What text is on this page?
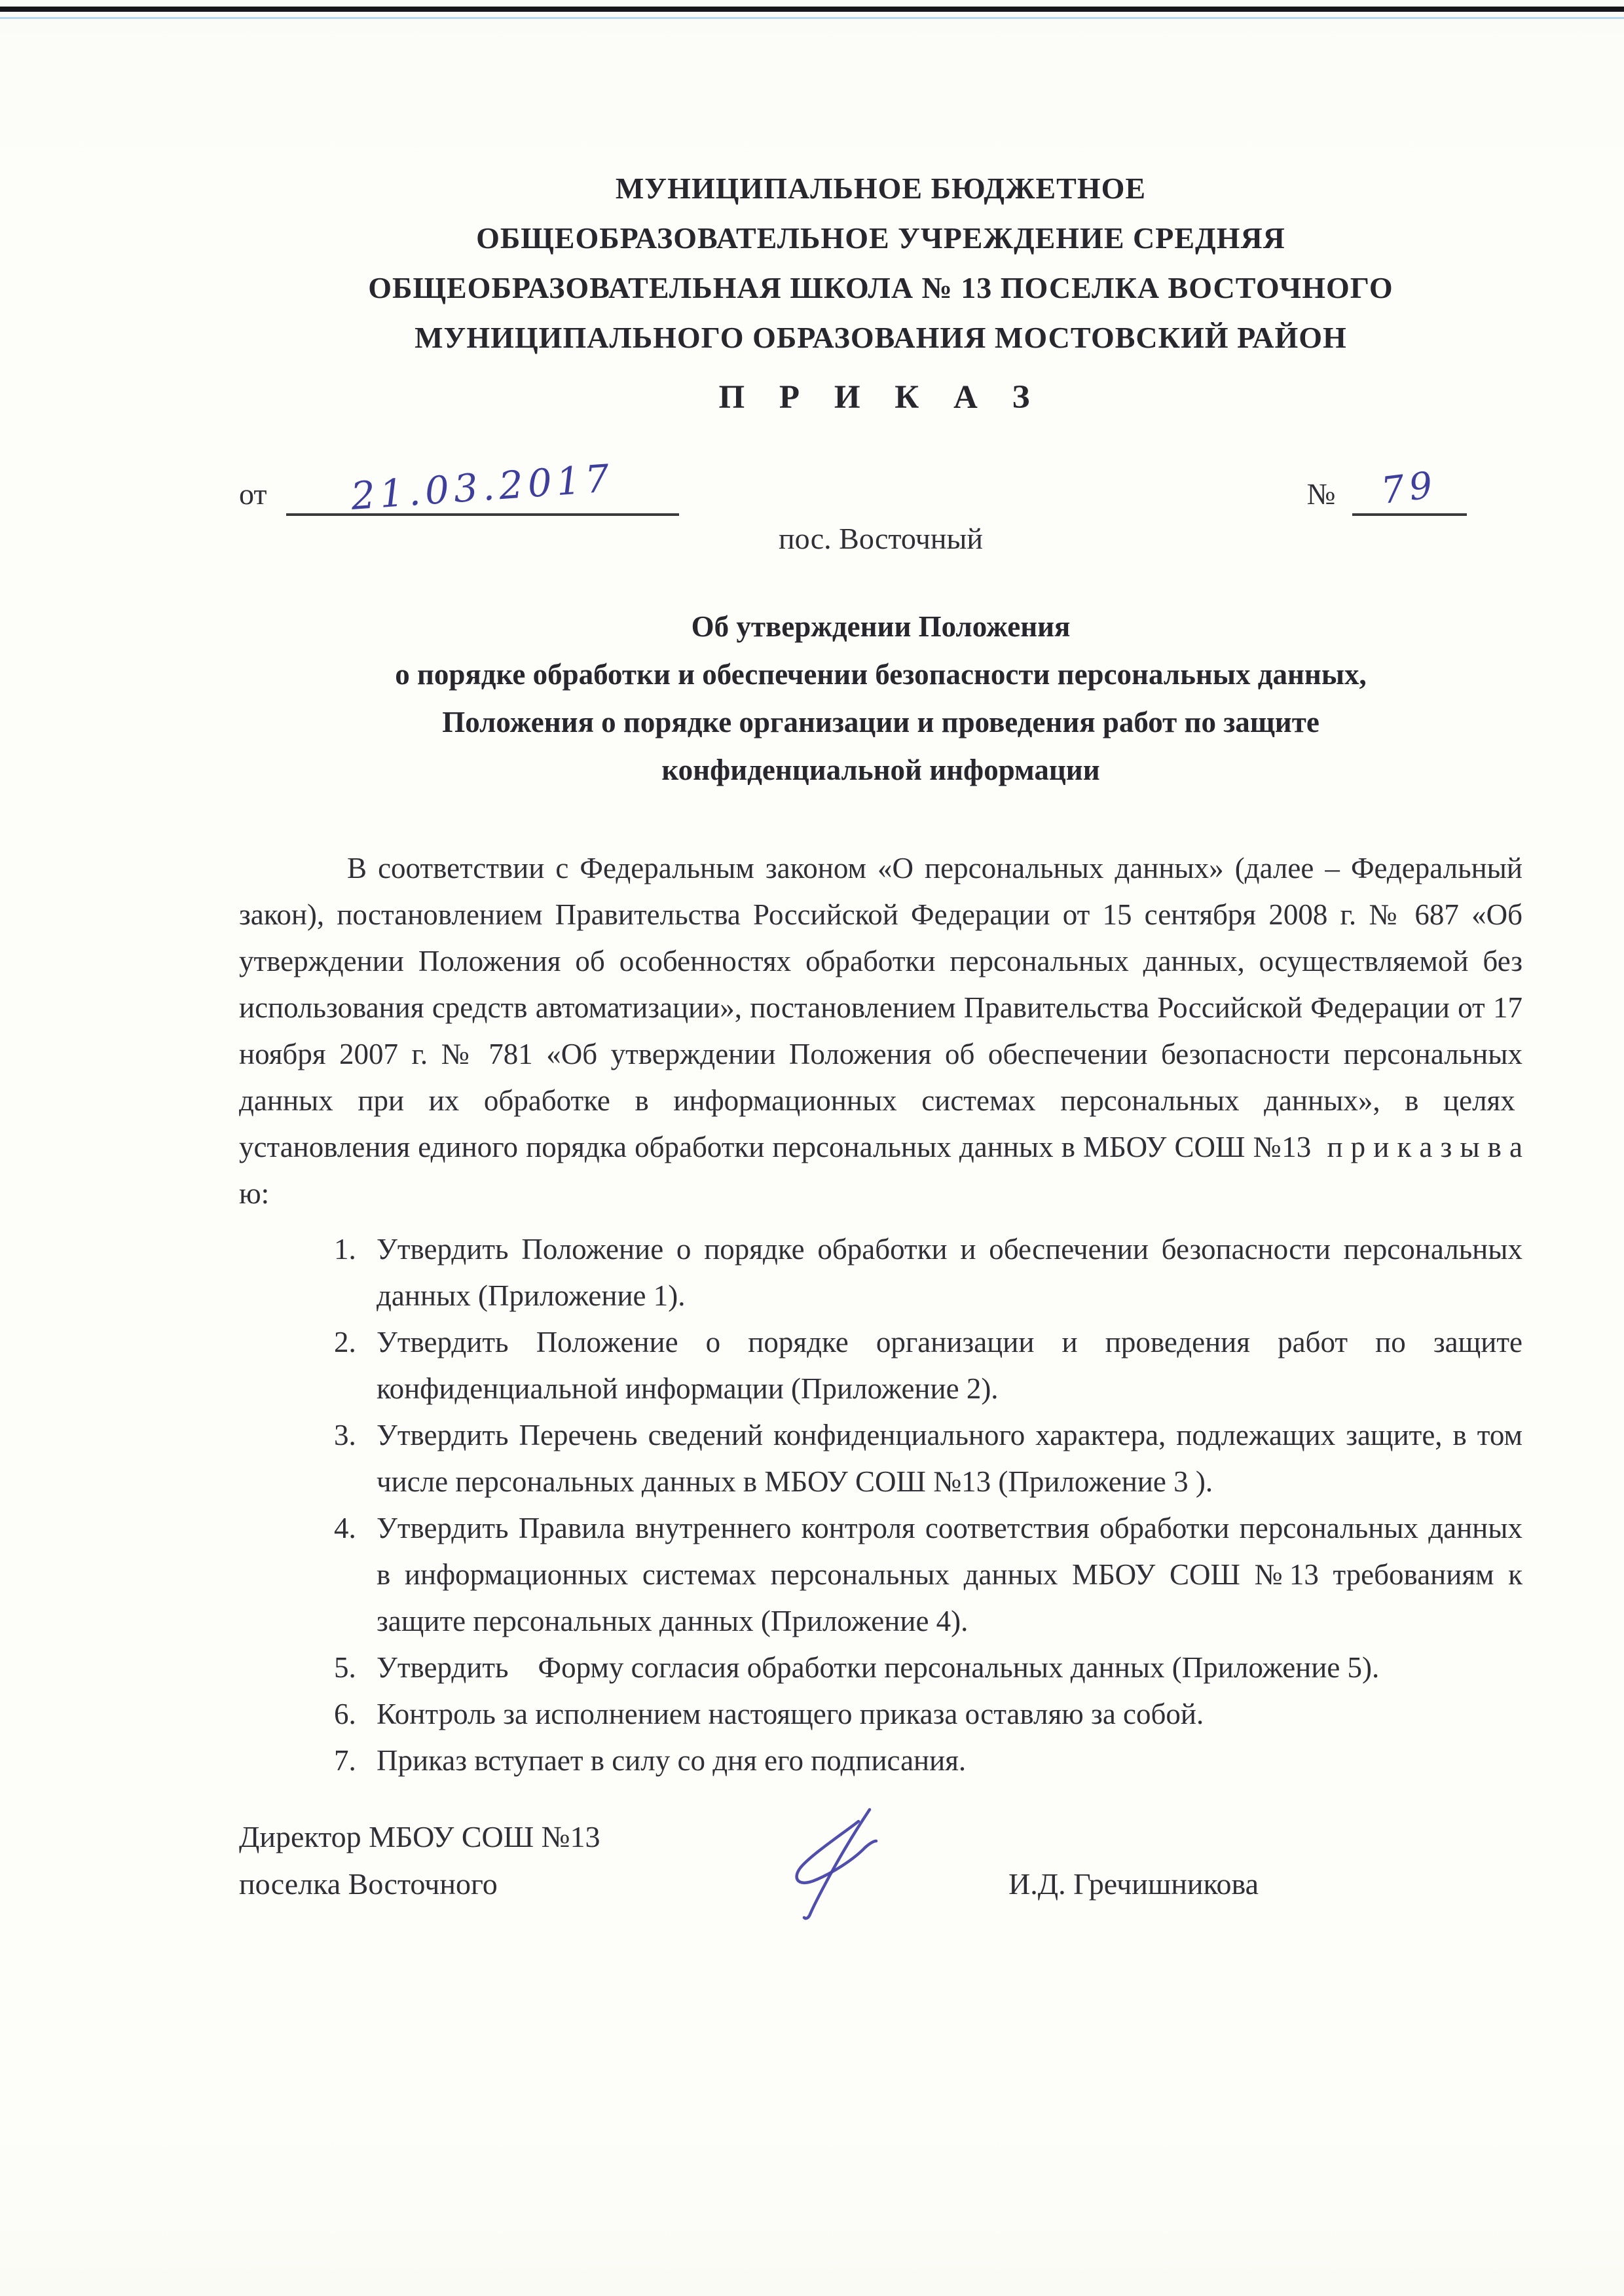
МУНИЦИПАЛЬНОЕ БЮДЖЕТНОЕ
ОБЩЕОБРАЗОВАТЕЛЬНОЕ УЧРЕЖДЕНИЕ СРЕДНЯЯ
ОБЩЕОБРАЗОВАТЕЛЬНАЯ ШКОЛА № 13 ПОСЕЛКА ВОСТОЧНОГО
МУНИЦИПАЛЬНОГО ОБРАЗОВАНИЯ МОСТОВСКИЙ РАЙОН
П Р И К А З
от 21.03.2017	№ 79
пос. Восточный
Об утверждении Положения
о порядке обработки и обеспечении безопасности персональных данных,
Положения о порядке организации и проведения работ по защите
конфиденциальной информации

В соответствии с Федеральным законом «О персональных данных» (далее – Федеральный закон), постановлением Правительства Российской Федерации от 15 сентября 2008 г. № 687 «Об утверждении Положения об особенностях обработки персональных данных, осуществляемой без использования средств автоматизации», постановлением Правительства Российской Федерации от 17 ноября 2007 г. № 781 «Об утверждении Положения об обеспечении безопасности персональных данных при их обработке в информационных системах персональных данных», в целях  установления единого порядка обработки персональных данных в МБОУ СОШ №13  п р и к а з ы в а ю:

1. Утвердить Положение о порядке обработки и обеспечении безопасности персональных данных (Приложение 1).
2. Утвердить Положение о порядке организации и проведения работ по защите конфиденциальной информации (Приложение 2).
3. Утвердить Перечень сведений конфиденциального характера, подлежащих защите, в том числе персональных данных в МБОУ СОШ №13 (Приложение 3 ).
4. Утвердить Правила внутреннего контроля соответствия обработки персональных данных в информационных системах персональных данных МБОУ СОШ №13 требованиям к защите персональных данных (Приложение 4).
5. Утвердить    Форму согласия обработки персональных данных (Приложение 5).
6. Контроль за исполнением настоящего приказа оставляю за собой.
7. Приказ вступает в силу со дня его подписания.
Директор МБОУ СОШ №13
поселка Восточного	И.Д. Гречишникова
